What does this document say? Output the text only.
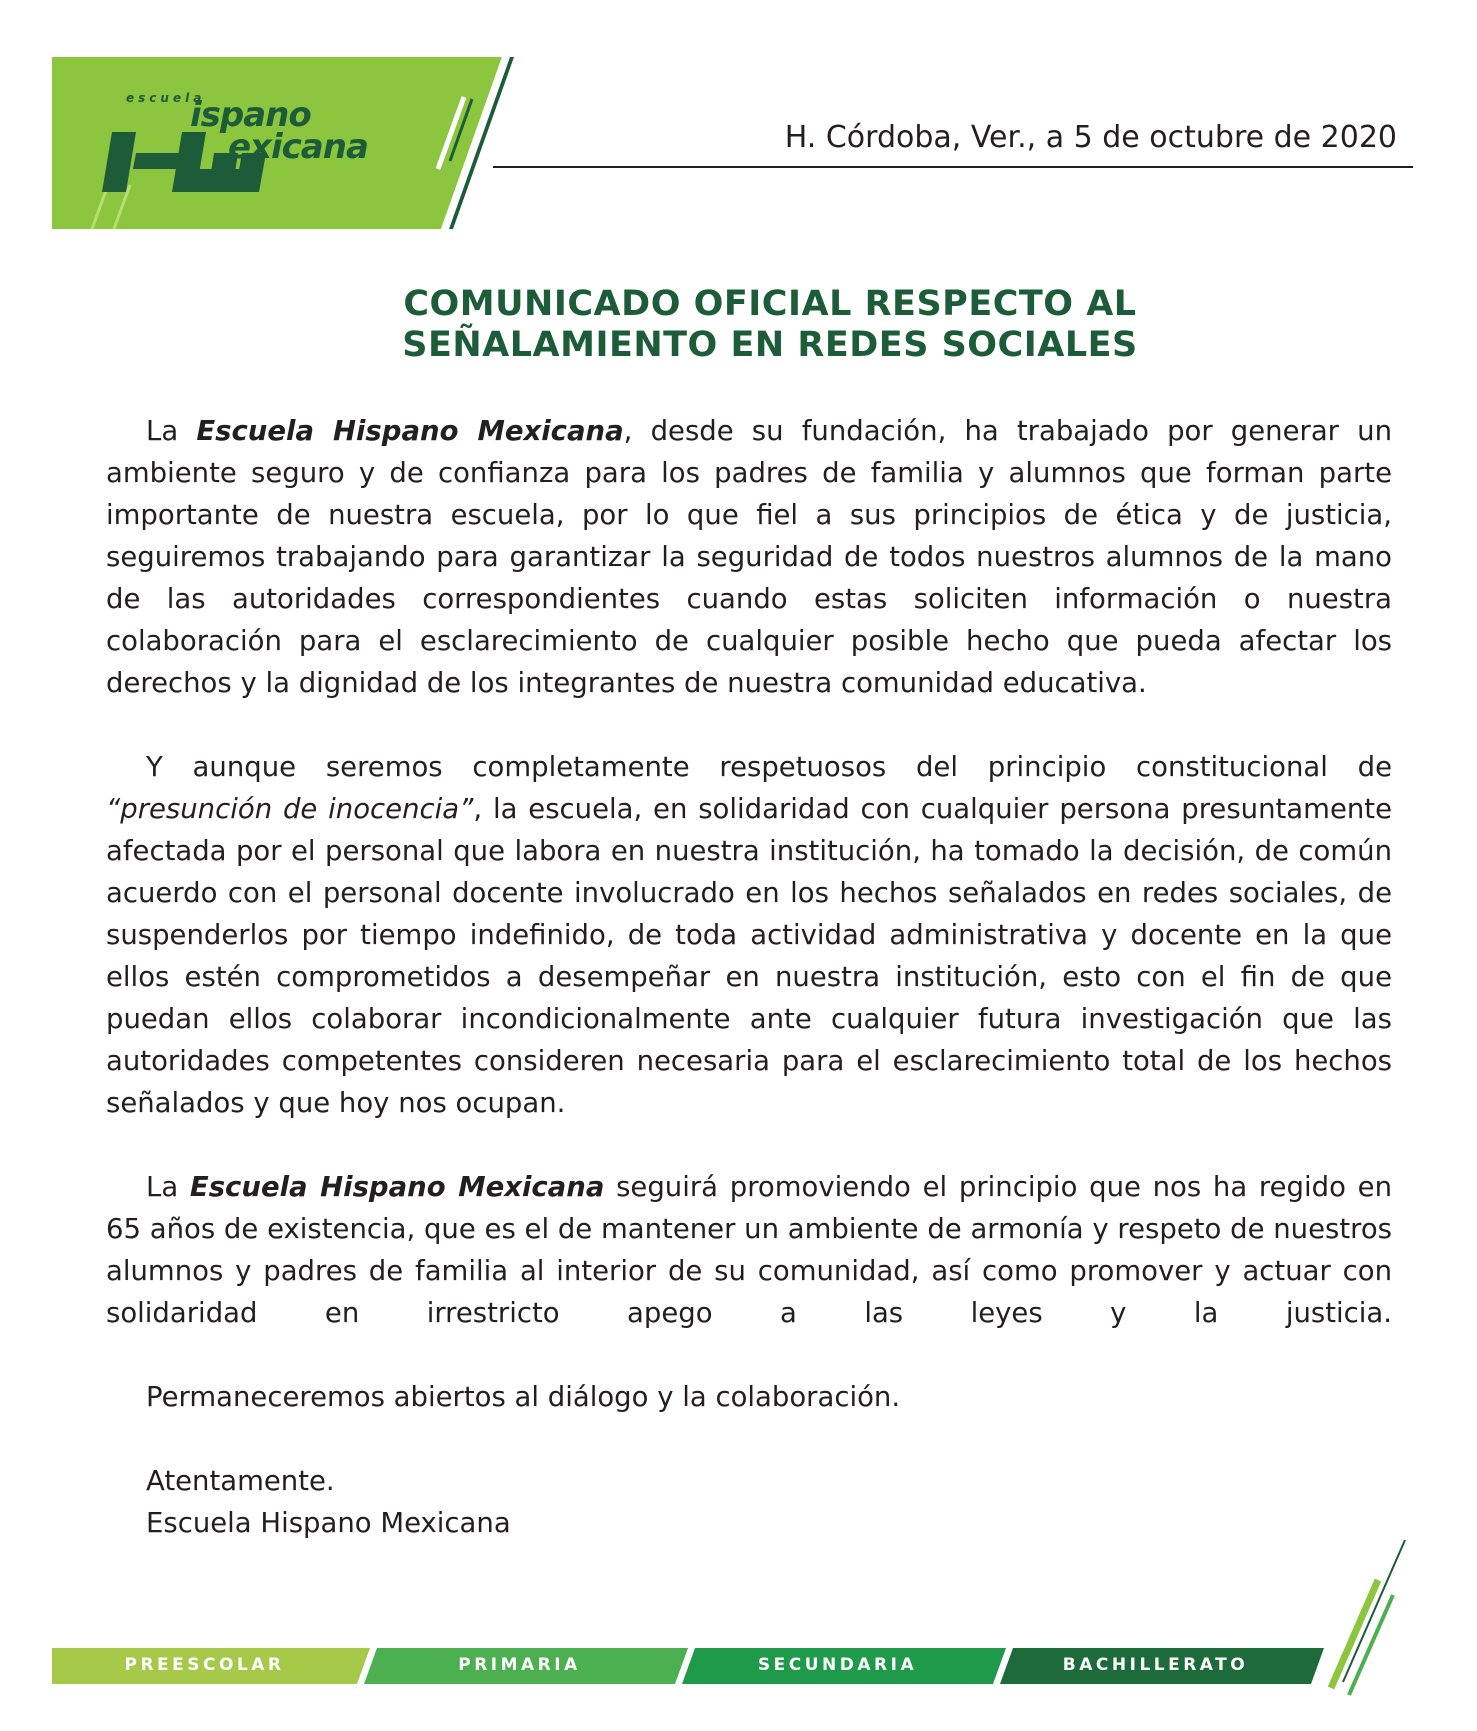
escuela
ispano
exicana	H. Córdoba, Ver., a 5 de octubre de 2020
COMUNICADO OFICIAL RESPECTO AL
SEÑALAMIENTO EN REDES SOCIALES

La Escuela Hispano Mexicana, desde su fundación, ha trabajado por generar un ambiente seguro y de confianza para los padres de familia y alumnos que forman parte importante de nuestra escuela, por lo que fiel a sus principios de ética y de justicia, seguiremos trabajando para garantizar la seguridad de todos nuestros alumnos de la mano de las autoridades correspondientes cuando estas soliciten información o nuestra colaboración para el esclarecimiento de cualquier posible hecho que pueda afectar los derechos y la dignidad de los integrantes de nuestra comunidad educativa.

Y aunque seremos completamente respetuosos del principio constitucional de “presunción de inocencia”, la escuela, en solidaridad con cualquier persona presuntamente afectada por el personal que labora en nuestra institución, ha tomado la decisión, de común acuerdo con el personal docente involucrado en los hechos señalados en redes sociales, de suspenderlos por tiempo indefinido, de toda actividad administrativa y docente en la que ellos estén comprometidos a desempeñar en nuestra institución, esto con el fin de que puedan ellos colaborar incondicionalmente ante cualquier futura investigación que las autoridades competentes consideren necesaria para el esclarecimiento total de los hechos señalados y que hoy nos ocupan.

La Escuela Hispano Mexicana seguirá promoviendo el principio que nos ha regido en 65 años de existencia, que es el de mantener un ambiente de armonía y respeto de nuestros alumnos y padres de familia al interior de su comunidad, así como promover y actuar con solidaridad en irrestricto apego a las leyes y la justicia.

Permaneceremos abiertos al diálogo y la colaboración.

Atentamente.
Escuela Hispano Mexicana
PREESCOLAR	PRIMARIA	SECUNDARIA	BACHILLERATO
